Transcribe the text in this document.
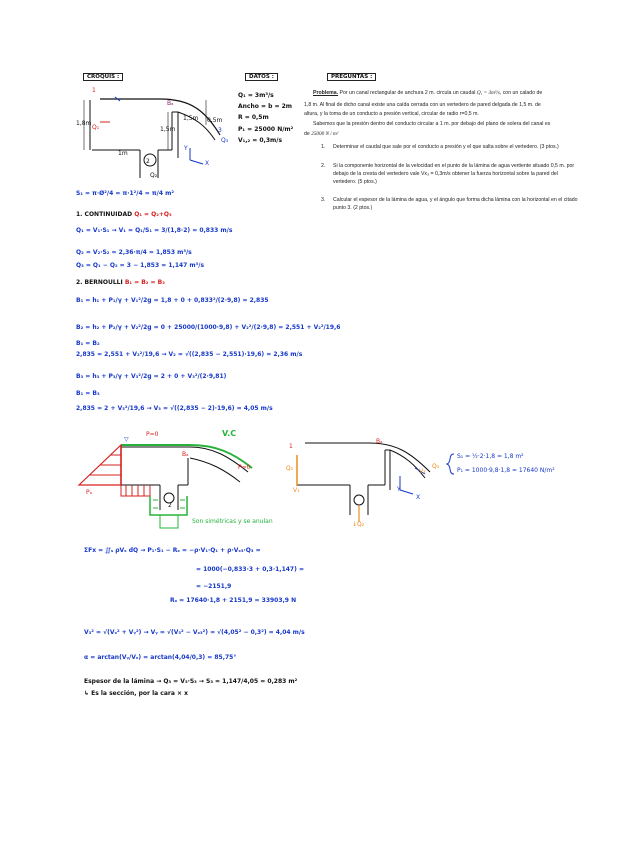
CROQUIS :	DATOS :	PREGUNTAS :
1
Q₁
1,8m
1,5m
1,5m
1m
0,5m
Bₐ
3
Q₃
2
Q₂
Y
X
Q₁ = 3m³/s
Ancho = b = 2m
R = 0,5m
P₁ = 25000 N/m²
V₁,₂ = 0,3m/s
Problema. Por un canal rectangular de anchura 2 m. circula un caudal Q₁ = 3m³/s, con un calado de
1,8 m. Al final de dicho canal existe una caída cerrada con un vertedero de pared delgada de 1,5 m. de
altura, y la toma de un conducto a presión vertical, circular de radio r=0,5 m.
Sabemos que la presión dentro del conducto circular a 1 m. por debajo del plano de solera del canal es
de 25000 N / m²
1. Determinar el caudal que sale por el conducto a presión y el que salta sobre el vertedero. (3 ptos.)
2. Si la componente horizontal de la velocidad en el punto de la lámina de agua vertiente situado 0,5 m. por debajo de la cresta del vertedero vale Vx₃ = 0,3m/s obtener la fuerza horizontal sobre la pared del vertedero. (5 ptos.)
3. Calcular el espesor de la lámina de agua, y el ángulo que forma dicha lámina con la horizontal en el citado punto 3. (2 ptos.)
S₁ = π·Ø²/4 = π·1²/4 = π/4 m²
1. CONTINUIDAD Q₁ = Q₂+Q₃
Q₁ = V₁·S₁ → V₁ = Q₁/S₁ = 3/(1,8·2) = 0,833 m/s
Q₂ = V₂·S₂ = 2,36·π/4 = 1,853 m³/s
Q₃ = Q₁ − Q₂ = 3 − 1,853 = 1,147 m³/s
2. BERNOULLI B₁ = B₂ = B₃
B₁ = h₁ + P₁/γ + V₁²/2g = 1,8 + 0 + 0,833²/(2·9,8) = 2,835
B₂ = h₂ + P₂/γ + V₂²/2g = 0 + 25000/(1000·9,8) + V₂²/(2·9,8) = 2,551 + V₂²/19,6
B₁ = B₂
2,835 = 2,551 + V₂²/19,6 → V₂ = √((2,835 − 2,551)·19,6) = 2,36 m/s
B₃ = h₃ + P₃/γ + V₃²/2g = 2 + 0 + V₃²/(2·9,81)
B₁ = B₃
2,835 = 2 + V₃²/19,6 → V₃ = √((2,835 − 2)·19,6) = 4,05 m/s
▽
P=0	V.C
Bₐ
P=0
Pₐ
2
Son simétricas y se anulan
1
Q₁
V₁
Bₐ
V₃
Q₃
↓Q₂
Y
X
S₁ = ½·2·1,8 = 1,8 m²
P₁ = 1000·9,8·1,8 = 17640 N/m²
ΣFx = ∬ₛ ρVₓ dQ → P₁·S₁ − Rₓ = −ρ·V₁·Q₁ + ρ·Vₓ₃·Q₃ =
= 1000(−0,833·3 + 0,3·1,147) =
= −2151,9
Rₓ = 17640·1,8 + 2151,9 = 33903,9 N
V₃² = √(Vₓ² + Vᵧ²) → Vᵧ = √(V₃² − Vₓ₃²) = √(4,05² − 0,3²) = 4,04 m/s
α = arctan(Vᵧ/Vₓ) = arctan(4,04/0,3) = 85,75°
Espesor de la lámina → Q₃ = V₃·S₃ → S₃ = 1,147/4,05 = 0,283 m²
↳ Es la sección, por la cara × x
